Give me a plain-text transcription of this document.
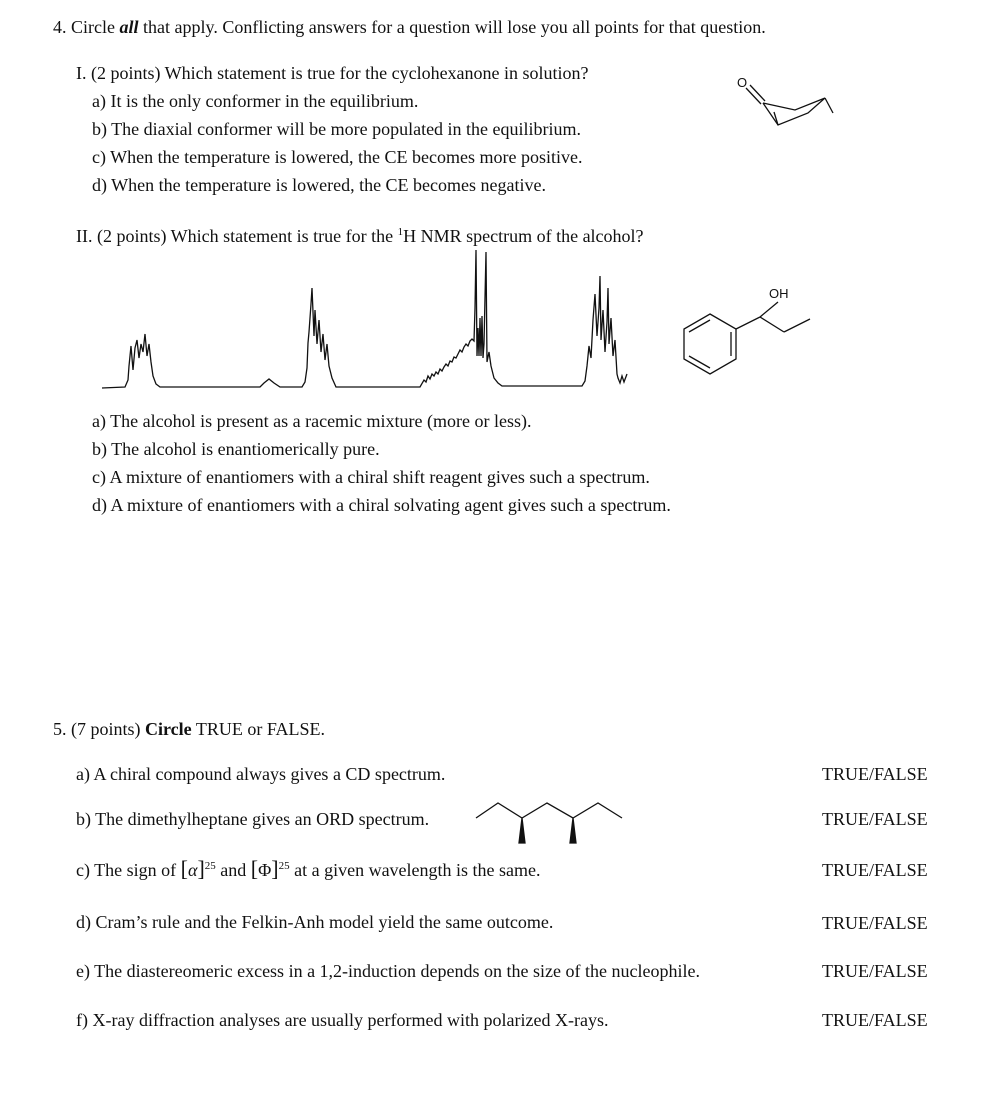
4. Circle all that apply. Conflicting answers for a question will lose you all points for that question.
I. (2 points) Which statement is true for the cyclohexanone in solution?
a) It is the only conformer in the equilibrium.
b) The diaxial conformer will be more populated in the equilibrium.
c) When the temperature is lowered, the CE becomes more positive.
d) When the temperature is lowered, the CE becomes negative.
O
II. (2 points) Which statement is true for the $^1$H NMR spectrum of the alcohol?
OH
a) The alcohol is present as a racemic mixture (more or less).
b) The alcohol is enantiomerically pure.
c) A mixture of enantiomers with a chiral shift reagent gives such a spectrum.
d) A mixture of enantiomers with a chiral solvating agent gives such a spectrum.
5. (7 points) Circle TRUE or FALSE.
a) A chiral compound always gives a CD spectrum.	TRUE/FALSE
b) The dimethylheptane gives an ORD spectrum.	TRUE/FALSE
c) The sign of $[\alpha]^{25}$ and $[\Phi]^{25}$ at a given wavelength is the same.	TRUE/FALSE
d) Cram’s rule and the Felkin-Anh model yield the same outcome.	TRUE/FALSE
e) The diastereomeric excess in a 1,2-induction depends on the size of the nucleophile.	TRUE/FALSE
f) X-ray diffraction analyses are usually performed with polarized X-rays.	TRUE/FALSE
